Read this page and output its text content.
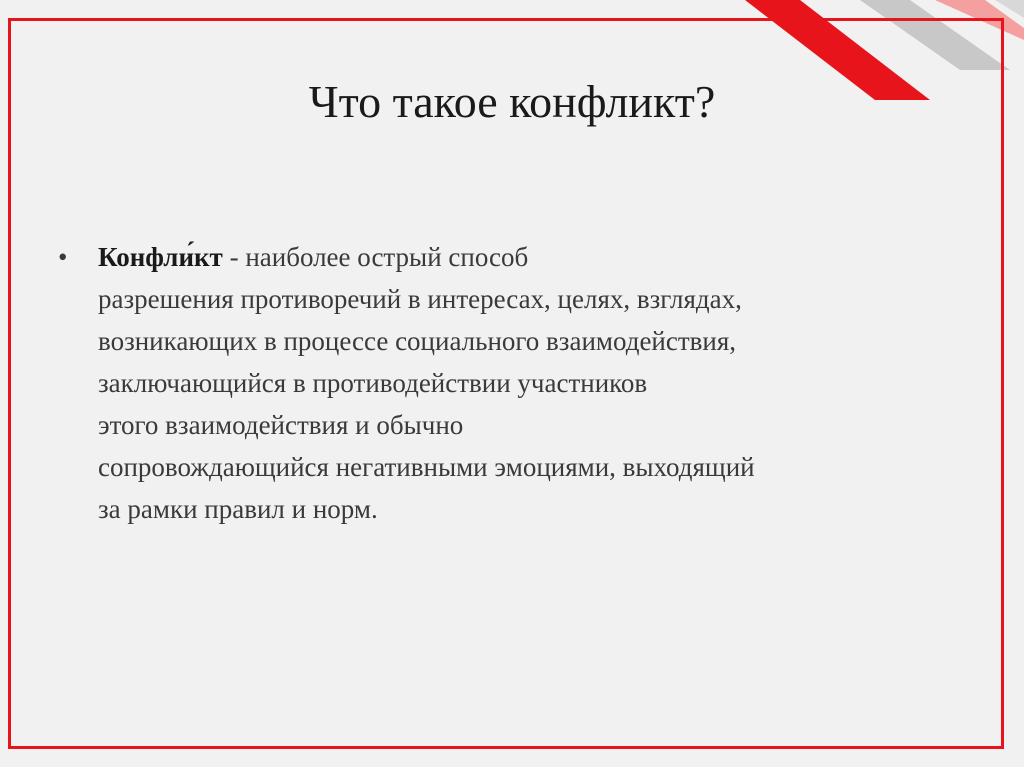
Что такое конфликт?
•	Конфли́кт - наиболее острый способ
разрешения противоречий в интересах, целях, взглядах,
возникающих в процессе социального взаимодействия,
заключающийся в противодействии участников
этого взаимодействия и обычно
сопровождающийся негативными эмоциями, выходящий
за рамки правил и норм.
